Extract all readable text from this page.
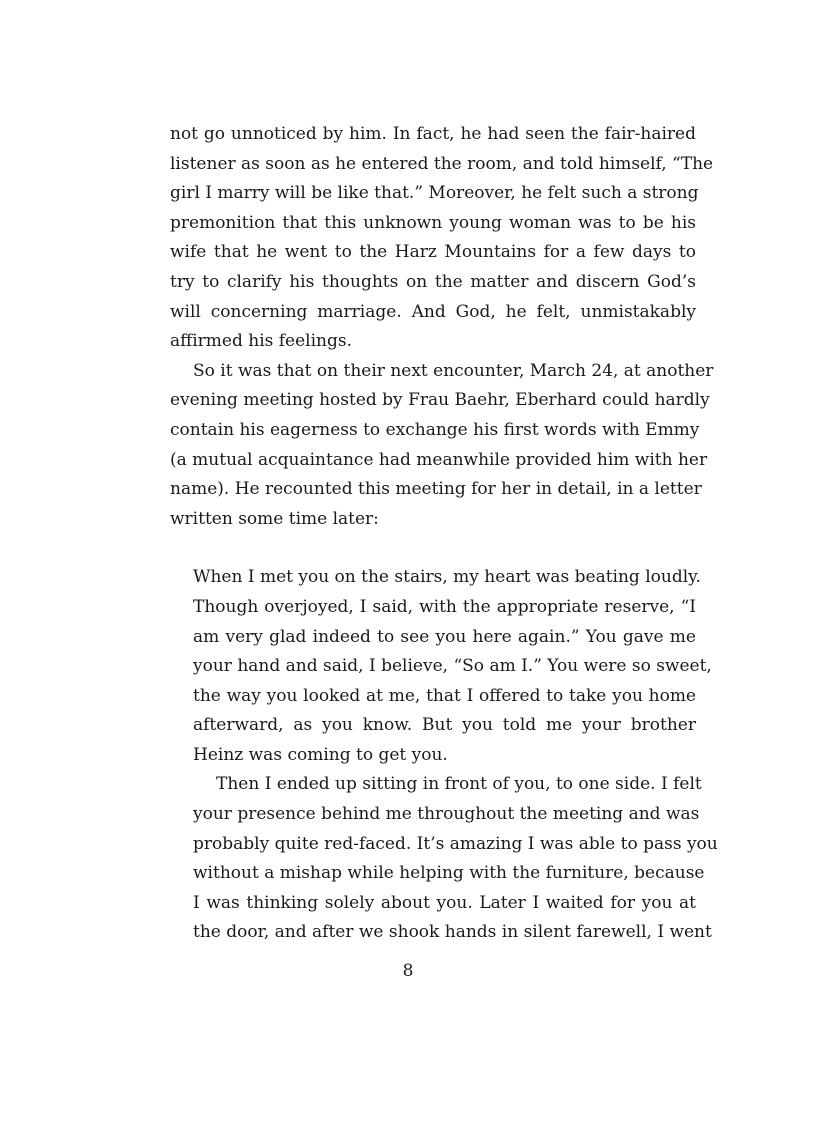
not go unnoticed by him. In fact, he had seen the fair-haired
listener as soon as he entered the room, and told himself, “The
girl I marry will be like that.” Moreover, he felt such a strong
premonition that this unknown young woman was to be his
wife that he went to the Harz Mountains for a few days to
try to clarify his thoughts on the matter and discern God’s
will concerning marriage. And God, he felt, unmistakably
affirmed his feelings.
So it was that on their next encounter, March 24, at another
evening meeting hosted by Frau Baehr, Eberhard could hardly
contain his eagerness to exchange his first words with Emmy
(a mutual acquaintance had meanwhile provided him with her
name). He recounted this meeting for her in detail, in a letter
written some time later:
When I met you on the stairs, my heart was beating loudly.
Though overjoyed, I said, with the appropriate reserve, “I
am very glad indeed to see you here again.” You gave me
your hand and said, I believe, “So am I.” You were so sweet,
the way you looked at me, that I offered to take you home
afterward, as you know. But you told me your brother
Heinz was coming to get you.
Then I ended up sitting in front of you, to one side. I felt
your presence behind me throughout the meeting and was
probably quite red-faced. It’s amazing I was able to pass you
without a mishap while helping with the furniture, because
I was thinking solely about you. Later I waited for you at
the door, and after we shook hands in silent farewell, I went
8
